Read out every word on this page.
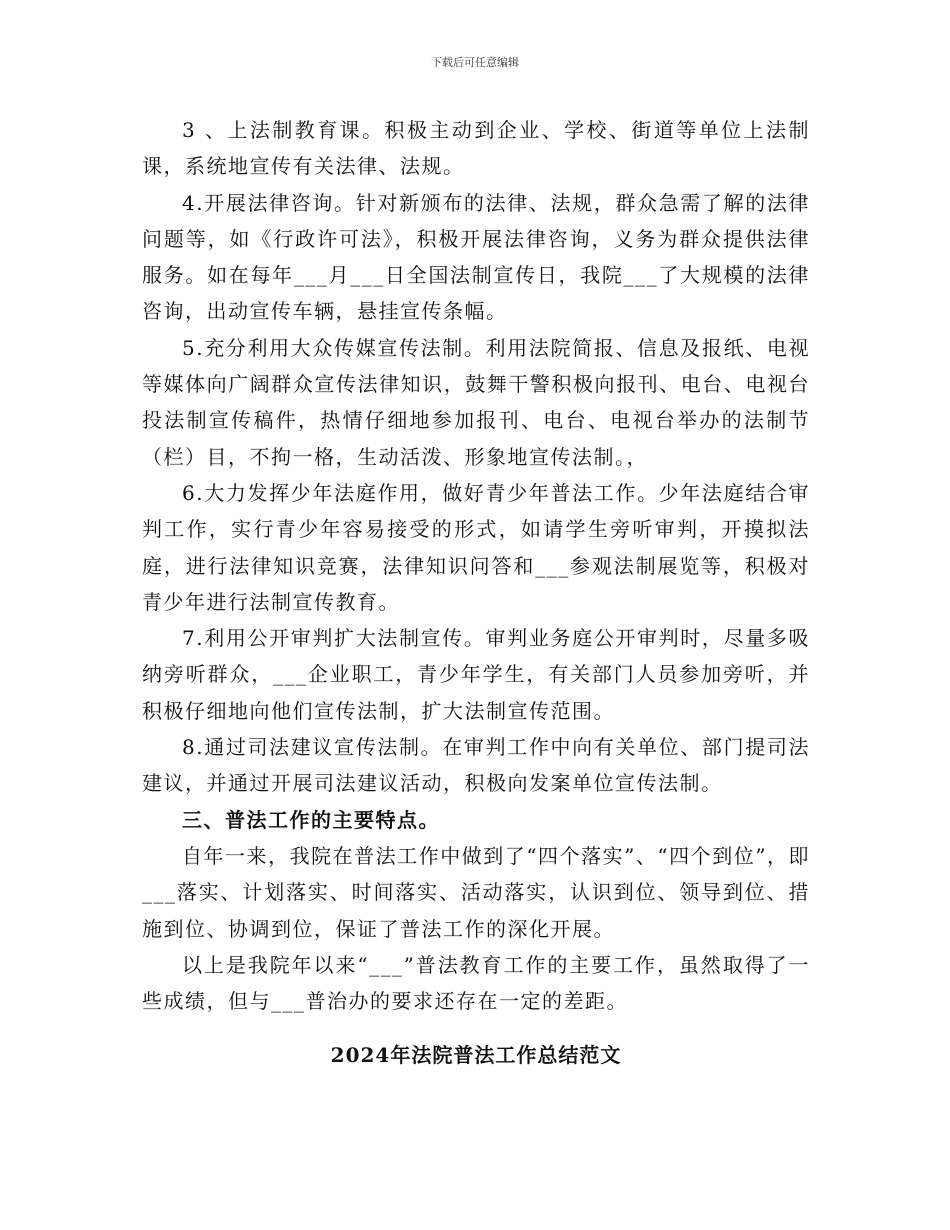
下载后可任意编辑

3 、上法制教育课。积极主动到企业、学校、街道等单位上法制课，系统地宣传有关法律、法规。

4.开展法律咨询。针对新颁布的法律、法规，群众急需了解的法律问题等，如《行政许可法》，积极开展法律咨询，义务为群众提供法律服务。如在每年___月___日全国法制宣传日，我院___了大规模的法律咨询，出动宣传车辆，悬挂宣传条幅。

5.充分利用大众传媒宣传法制。利用法院简报、信息及报纸、电视等媒体向广阔群众宣传法律知识，鼓舞干警积极向报刊、电台、电视台投法制宣传稿件，热情仔细地参加报刊、电台、电视台举办的法制节（栏）目，不拘一格，生动活泼、形象地宣传法制。，

6.大力发挥少年法庭作用，做好青少年普法工作。少年法庭结合审判工作，实行青少年容易接受的形式，如请学生旁听审判，开摸拟法庭，进行法律知识竞赛，法律知识问答和___参观法制展览等，积极对青少年进行法制宣传教育。

7.利用公开审判扩大法制宣传。审判业务庭公开审判时，尽量多吸纳旁听群众，___企业职工，青少年学生，有关部门人员参加旁听，并积极仔细地向他们宣传法制，扩大法制宣传范围。

8.通过司法建议宣传法制。在审判工作中向有关单位、部门提司法建议，并通过开展司法建议活动，积极向发案单位宣传法制。

三、普法工作的主要特点。

自年一来，我院在普法工作中做到了“四个落实”、“四个到位”，即___落实、计划落实、时间落实、活动落实，认识到位、领导到位、措施到位、协调到位，保证了普法工作的深化开展。

以上是我院年以来“___”普法教育工作的主要工作，虽然取得了一些成绩，但与___普治办的要求还存在一定的差距。

2024年法院普法工作总结范文
